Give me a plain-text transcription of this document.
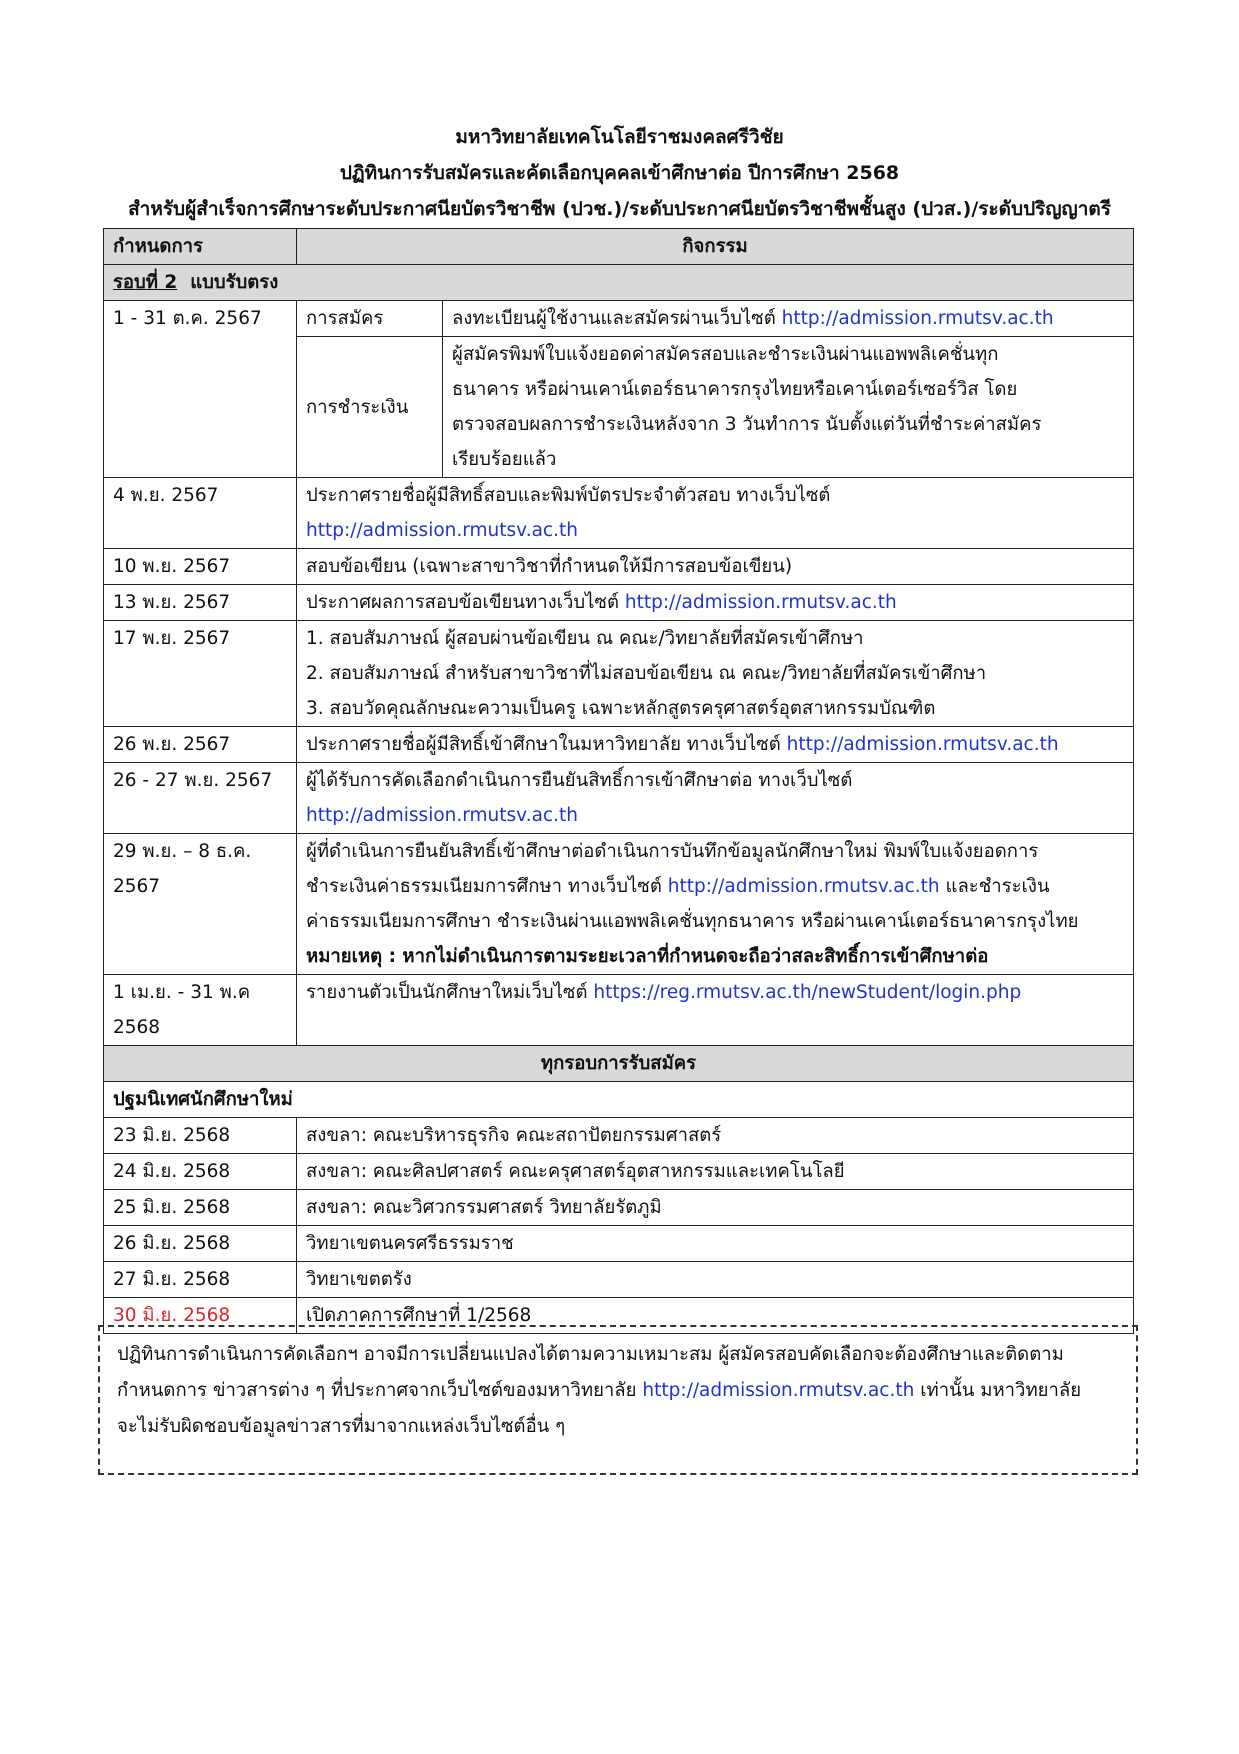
มหาวิทยาลัยเทคโนโลยีราชมงคลศรีวิชัย
ปฏิทินการรับสมัครและคัดเลือกบุคคลเข้าศึกษาต่อ ปีการศึกษา 2568
สำหรับผู้สำเร็จการศึกษาระดับประกาศนียบัตรวิชาชีพ (ปวช.)/ระดับประกาศนียบัตรวิชาชีพชั้นสูง (ปวส.)/ระดับปริญญาตรี
กำหนดการ	กิจกรรม	
รอบที่ 2 แบบรับตรง		
1 - 31 ต.ค. 2567	การสมัคร	ลงทะเบียนผู้ใช้งานและสมัครผ่านเว็บไซต์ http://admission.rmutsv.ac.th
	การชำระเงิน	ผู้สมัครพิมพ์ใบแจ้งยอดค่าสมัครสอบและชำระเงินผ่านแอพพลิเคชั่นทุก
ธนาคาร หรือผ่านเคาน์เตอร์ธนาคารกรุงไทยหรือเคาน์เตอร์เซอร์วิส โดย
ตรวจสอบผลการชำระเงินหลังจาก 3 วันทำการ นับตั้งแต่วันที่ชำระค่าสมัคร
เรียบร้อยแล้ว

4 พ.ย. 2567	ประกาศรายชื่อผู้มีสิทธิ์สอบและพิมพ์บัตรประจำตัวสอบ ทางเว็บไซต์
http://admission.rmutsv.ac.th	

10 พ.ย. 2567	สอบข้อเขียน (เฉพาะสาขาวิชาที่กำหนดให้มีการสอบข้อเขียน)	
13 พ.ย. 2567	ประกาศผลการสอบข้อเขียนทางเว็บไซต์ http://admission.rmutsv.ac.th	
17 พ.ย. 2567	1. สอบสัมภาษณ์ ผู้สอบผ่านข้อเขียน ณ คณะ/วิทยาลัยที่สมัครเข้าศึกษา
2. สอบสัมภาษณ์ สำหรับสาขาวิชาที่ไม่สอบข้อเขียน ณ คณะ/วิทยาลัยที่สมัครเข้าศึกษา
3. สอบวัดคุณลักษณะความเป็นครู เฉพาะหลักสูตรครุศาสตร์อุตสาหกรรมบัณฑิต	

26 พ.ย. 2567	ประกาศรายชื่อผู้มีสิทธิ์เข้าศึกษาในมหาวิทยาลัย ทางเว็บไซต์ http://admission.rmutsv.ac.th	
26 - 27 พ.ย. 2567	ผู้ได้รับการคัดเลือกดำเนินการยืนยันสิทธิ์การเข้าศึกษาต่อ ทางเว็บไซต์
http://admission.rmutsv.ac.th	

29 พ.ย. – 8 ธ.ค. 2567	ผู้ที่ดำเนินการยืนยันสิทธิ์เข้าศึกษาต่อดำเนินการบันทึกข้อมูลนักศึกษาใหม่ พิมพ์ใบแจ้งยอดการ
ชำระเงินค่าธรรมเนียมการศึกษา ทางเว็บไซต์ http://admission.rmutsv.ac.th และชำระเงิน
ค่าธรรมเนียมการศึกษา ชำระเงินผ่านแอพพลิเคชั่นทุกธนาคาร หรือผ่านเคาน์เตอร์ธนาคารกรุงไทย
หมายเหตุ : หากไม่ดำเนินการตามระยะเวลาที่กำหนดจะถือว่าสละสิทธิ์การเข้าศึกษาต่อ	

1 เม.ย. - 31 พ.ค 2568	รายงานตัวเป็นนักศึกษาใหม่เว็บไซต์ https://reg.rmutsv.ac.th/newStudent/login.php	
ทุกรอบการรับสมัคร		
ปฐมนิเทศนักศึกษาใหม่		
23 มิ.ย. 2568	สงขลา: คณะบริหารธุรกิจ คณะสถาปัตยกรรมศาสตร์	
24 มิ.ย. 2568	สงขลา: คณะศิลปศาสตร์ คณะครุศาสตร์อุตสาหกรรมและเทคโนโลยี	
25 มิ.ย. 2568	สงขลา: คณะวิศวกรรมศาสตร์ วิทยาลัยรัตภูมิ	
26 มิ.ย. 2568	วิทยาเขตนครศรีธรรมราช	
27 มิ.ย. 2568	วิทยาเขตตรัง	
30 มิ.ย. 2568	เปิดภาคการศึกษาที่ 1/2568	
ปฏิทินการดำเนินการคัดเลือกฯ อาจมีการเปลี่ยนแปลงได้ตามความเหมาะสม ผู้สมัครสอบคัดเลือกจะต้องศึกษาและติดตาม
กำหนดการ ข่าวสารต่าง ๆ ที่ประกาศจากเว็บไซต์ของมหาวิทยาลัย http://admission.rmutsv.ac.th เท่านั้น มหาวิทยาลัย
จะไม่รับผิดชอบข้อมูลข่าวสารที่มาจากแหล่งเว็บไซต์อื่น ๆ
